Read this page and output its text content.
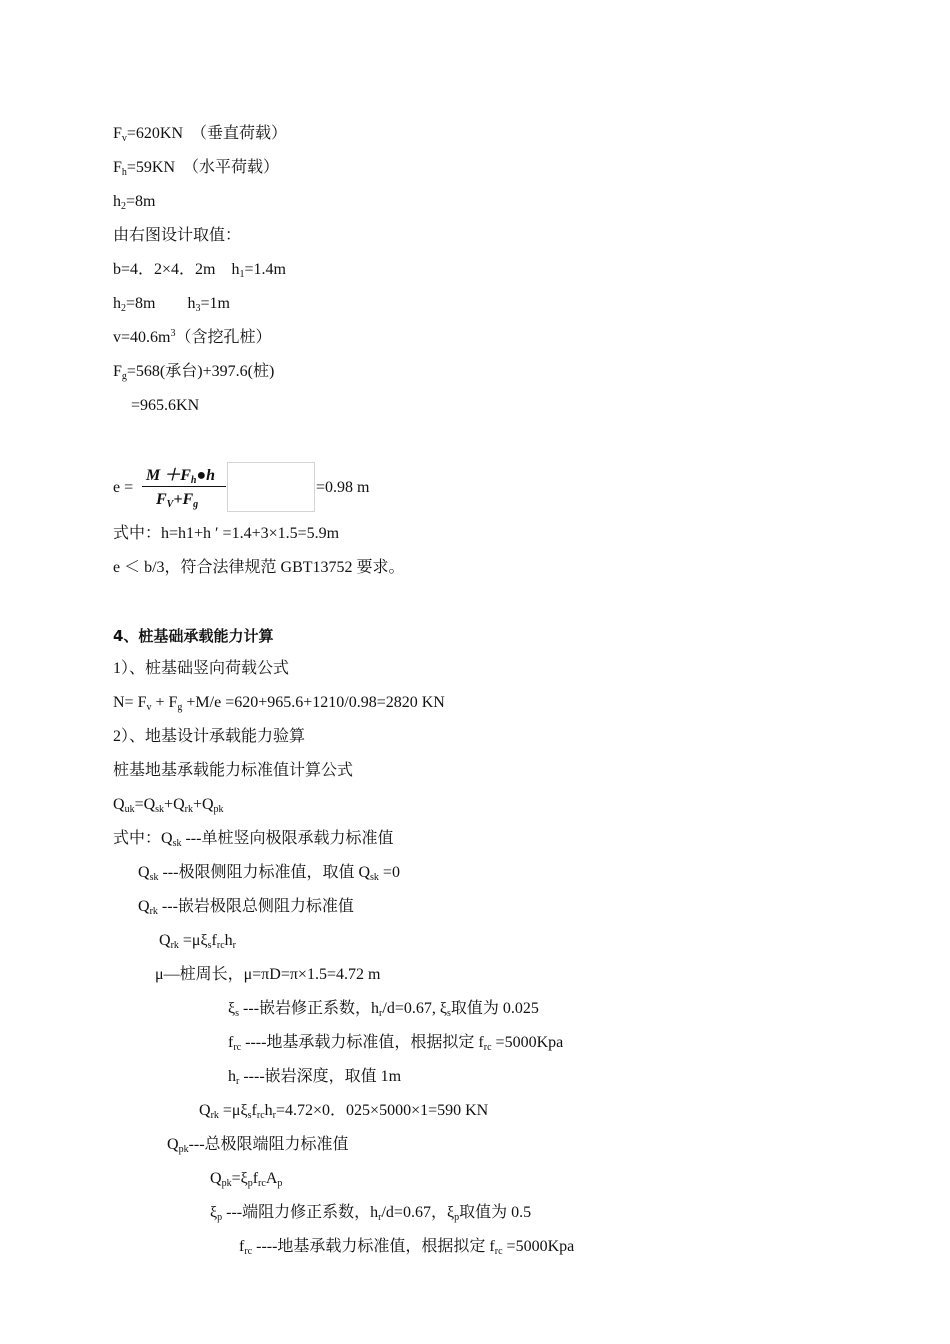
$F_v=620KN$　（垂直荷载）
$F_h=59KN$　（水平荷载）
$h_2=8m$
由右图设计取值：
b=4．2×4．2m　$h_1=1.4m$
$h_2=8m$　　$h_3=1m$
$v=40.6m^3$（含挖孔桩）
$F_g=568$(承台)+397.6(桩)
=965.6KN
e =
$M +F_h●h$
$F_V+F_g$
=0.98 m
式中：h=h1+h ′ =1.4+3×1.5=5.9m
e ＜ b/3，符合法律规范 GBT13752 要求。
4、桩基础承载能力计算
1）、桩基础竖向荷载公式
$N= F_v + F_g +M/e =620+965.6+1210/0.98=2820$ KN
2）、地基设计承载能力验算
桩基地基承载能力标准值计算公式
$Q_{uk}=Q_{sk}+Q_{rk}+Q_{pk}$
式中：$Q_{sk}$ ---单桩竖向极限承载力标准值
$Q_{sk}$ ---极限侧阻力标准值，取值 $Q_{sk} =0$
$Q_{rk}$ ---嵌岩极限总侧阻力标准值
$Q_{rk} =\mu\xi_sf_{rc}h_r$
μ—桩周长，μ=πD=π×1.5=4.72 m
$\xi_s$ ---嵌岩修正系数，$h_r/d=0.67$, $\xi_s$取值为 0.025
$f_{rc}$ ----地基承载力标准值，根据拟定 $f_{rc} =5000Kpa$
$h_r$ ----嵌岩深度，取值 1m
$Q_{rk} =\mu\xi_sf_{rc}h_r=4.72\times 0$．025×5000×1=590 KN
$Q_{pk}---$总极限端阻力标准值
$Q_{pk}=\xi_pf_{rc}A_p$
$\xi_p$ ---端阻力修正系数，$h_r/d=0.67$，$\xi_p$取值为 0.5
$f_{rc}$ ----地基承载力标准值，根据拟定 $f_{rc} =5000Kpa$
